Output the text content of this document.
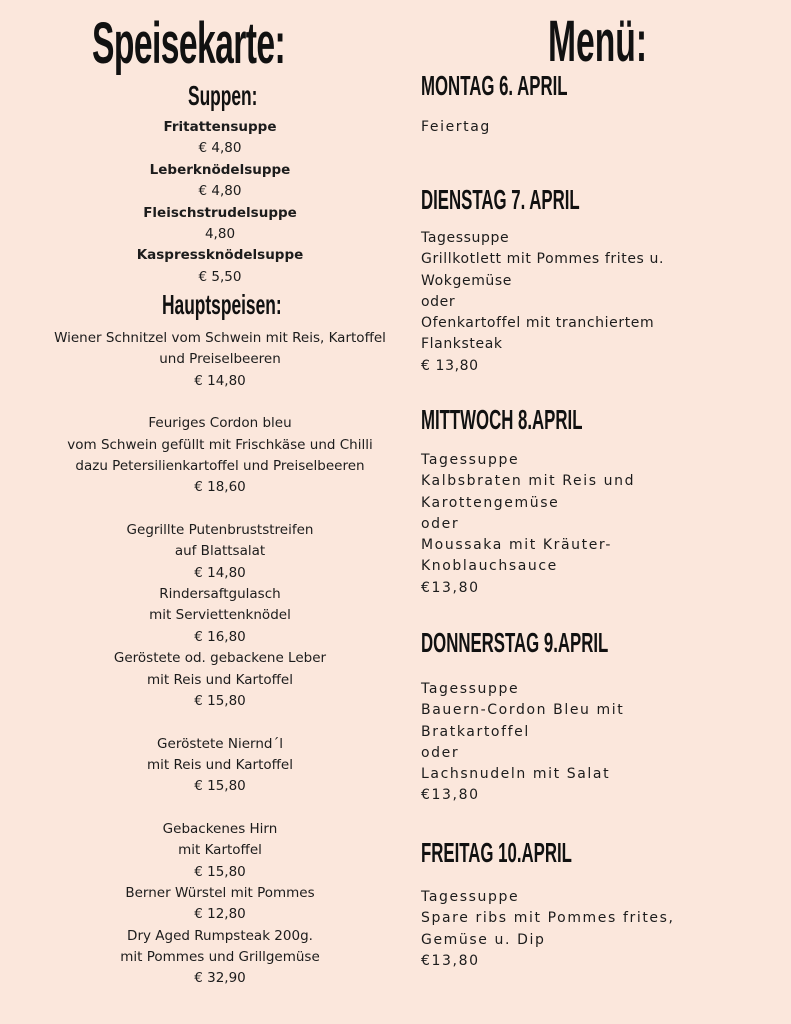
Speisekarte:
Suppen:
Fritattensuppe
€ 4,80
Leberknödelsuppe
€ 4,80
Fleischstrudelsuppe
4,80
Kaspressknödelsuppe
€ 5,50
Hauptspeisen:
Wiener Schnitzel vom Schwein mit Reis, Kartoffel
und Preiselbeeren
€ 14,80
Feuriges Cordon bleu
vom Schwein gefüllt mit Frischkäse und Chilli
dazu Petersilienkartoffel und Preiselbeeren
€ 18,60
Gegrillte Putenbruststreifen
auf Blattsalat
€ 14,80
Rindersaftgulasch
mit Serviettenknödel
€ 16,80
Geröstete od. gebackene Leber
mit Reis und Kartoffel
€ 15,80
Geröstete Niernd´l
mit Reis und Kartoffel
€ 15,80
Gebackenes Hirn
mit Kartoffel
€ 15,80
Berner Würstel mit Pommes
€ 12,80
Dry Aged Rumpsteak 200g.
mit Pommes und Grillgemüse
€ 32,90
Menü:
MONTAG 6. APRIL
Feiertag
DIENSTAG 7. APRIL
Tagessuppe
Grillkotlett mit Pommes frites u.
Wokgemüse
oder
Ofenkartoffel mit tranchiertem
Flanksteak
€ 13,80
MITTWOCH 8.APRIL
Tagessuppe
Kalbsbraten mit Reis und
Karottengemüse
oder
Moussaka mit Kräuter-
Knoblauchsauce
€13,80
DONNERSTAG 9.APRIL
Tagessuppe
Bauern-Cordon Bleu mit
Bratkartoffel
oder
Lachsnudeln mit Salat
€13,80
FREITAG 10.APRIL
Tagessuppe
Spare ribs mit Pommes frites,
Gemüse u. Dip
€13,80
